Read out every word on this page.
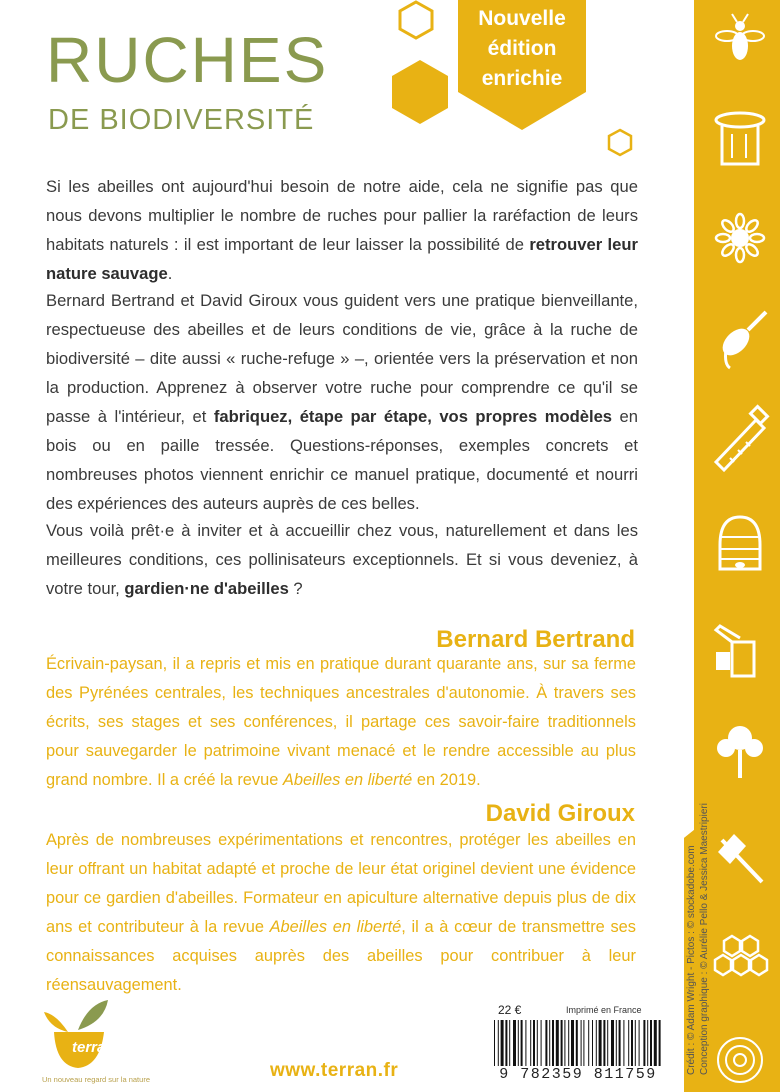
RUCHES
DE BIODIVERSITÉ
Nouvelle
édition
enrichie

Si les abeilles ont aujourd'hui besoin de notre aide, cela ne signifie pas que nous devons multiplier le nombre de ruches pour pallier la raréfaction de leurs habitats naturels : il est important de leur laisser la possibilité de retrouver leur nature sauvage.

Bernard Bertrand et David Giroux vous guident vers une pratique bienveillante, respectueuse des abeilles et de leurs conditions de vie, grâce à la ruche de biodiversité – dite aussi « ruche-refuge » –, orientée vers la préservation et non la production. Apprenez à observer votre ruche pour comprendre ce qu'il se passe à l'intérieur, et fabriquez, étape par étape, vos propres modèles en bois ou en paille tressée. Questions-réponses, exemples concrets et nombreuses photos viennent enrichir ce manuel pratique, documenté et nourri des expériences des auteurs auprès de ces belles.

Vous voilà prêt·e à inviter et à accueillir chez vous, naturellement et dans les meilleures conditions, ces pollinisateurs exceptionnels. Et si vous deveniez, à votre tour, gardien·ne d'abeilles ?

Bernard Bertrand

Écrivain-paysan, il a repris et mis en pratique durant quarante ans, sur sa ferme des Pyrénées centrales, les techniques ancestrales d'autonomie. À travers ses écrits, ses stages et ses conférences, il partage ces savoir-faire traditionnels pour sauvegarder le patrimoine vivant menacé et le rendre accessible au plus grand nombre. Il a créé la revue Abeilles en liberté en 2019.

David Giroux

Après de nombreuses expérimentations et rencontres, protéger les abeilles en leur offrant un habitat adapté et proche de leur état originel devient une évidence pour ce gardien d'abeilles. Formateur en apiculture alternative depuis plus de dix ans et contributeur à la revue Abeilles en liberté, il a à cœur de transmettre ses connaissances acquises auprès des abeilles pour contribuer à leur réensauvagement.	Crédit : © Adam Wright - Pictos : © stockadobe.com Conception graphique : © Aurélie Pello & Jessica Maestripieri
terran
Un nouveau regard sur la nature	www.terran.fr
22 €	Imprimé en France
9 782359 811759
